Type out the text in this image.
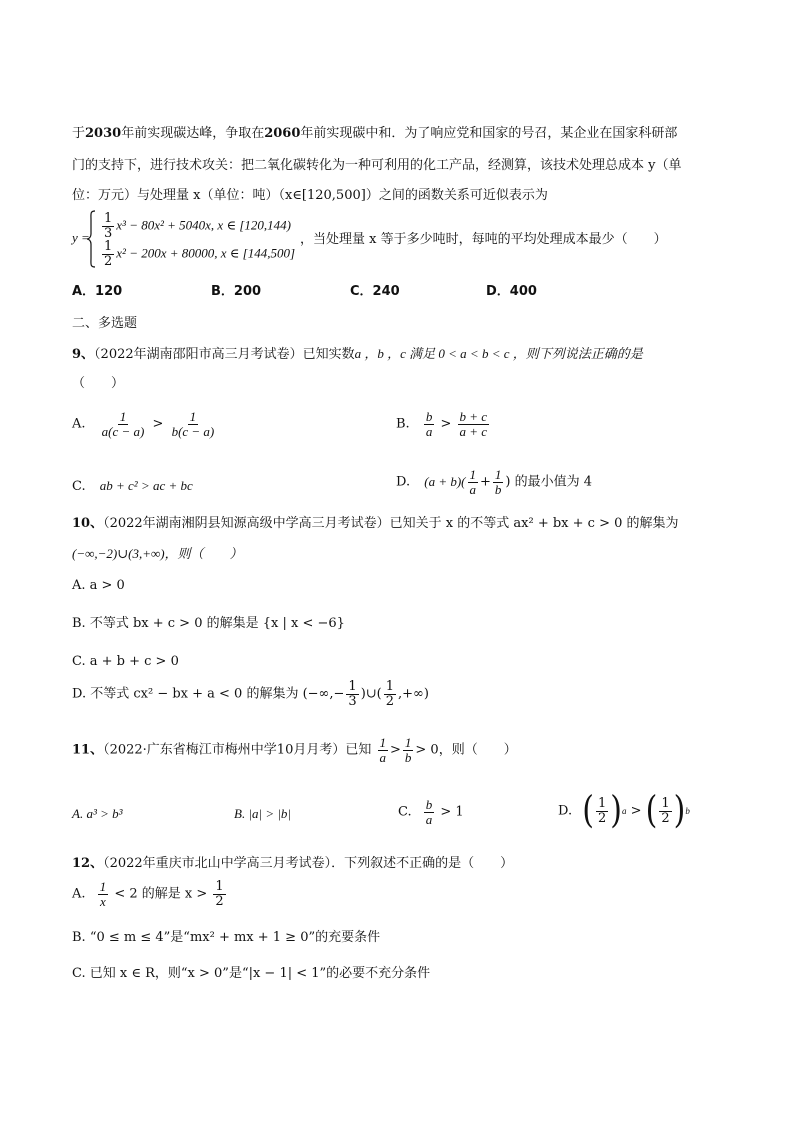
于2030年前实现碳达峰，争取在2060年前实现碳中和．为了响应党和国家的号召，某企业在国家科研部
门的支持下，进行技术攻关：把二氧化碳转化为一种可利用的化工产品，经测算，该技术处理总成本 y（单
位：万元）与处理量 x（单位：吨）（x∈[120,500]）之间的函数关系可近似表示为
$y = \frac{1}{3} x^3 - 80x^2 + 5040x$, x ∈ [120,144)
$\frac{1}{2} x^2 - 200x + 80000$, x ∈ [144,500]
，当处理量 x 等于多少吨时，每吨的平均处理成本最少（　　）
A．120	B．200	C．240	D．400
二、多选题
9、（2022年湖南邵阳市高三月考试卷）已知实数a ，b ，c 满足 0 < a < b < c ，则下列说法正确的是
（　　）
A. $\frac{1}{a(c - a)} > \frac{1}{b(c - a)}$	B. $\frac{b}{a} > \frac{b + c}{a + c}$
C. ab + c² > ac + bc	D. $(a + b)( \frac{1}{a} + \frac{1}{b}$ ) 的最小值为 4
10、（2022年湖南湘阴县知源高级中学高三月考试卷）已知关于 x 的不等式 ax² + bx + c > 0 的解集为
(−∞,−2)∪(3,+∞)，则（　　）
A. a > 0
B. 不等式 bx + c > 0 的解集是 {x | x < −6}
C. a + b + c > 0
D. 不等式 cx² − bx + a < 0 的解集为 (−∞,− $\frac{1}{3}$ )∪( $\frac{1}{2}$ ,+∞)
11、（2022·广东省梅江市梅州中学10月月考）已知 $\frac{1}{a} > \frac{1}{b} > 0$，则（　　）
A. a³ > b³	B. |a| > |b|	C. $\frac{b}{a} > 1$	D. ( $\frac{1}{2}$ ) a > ( $\frac{1}{2}$ ) b
12、（2022年重庆市北山中学高三月考试卷）．下列叙述不正确的是（　　）
A. $\frac{1}{x} < 2$ 的解是 $x > \frac{1}{2}$
B. “0 ≤ m ≤ 4”是“mx² + mx + 1 ≥ 0”的充要条件
C. 已知 x ∈ R，则“x > 0”是“|x − 1| < 1”的必要不充分条件
